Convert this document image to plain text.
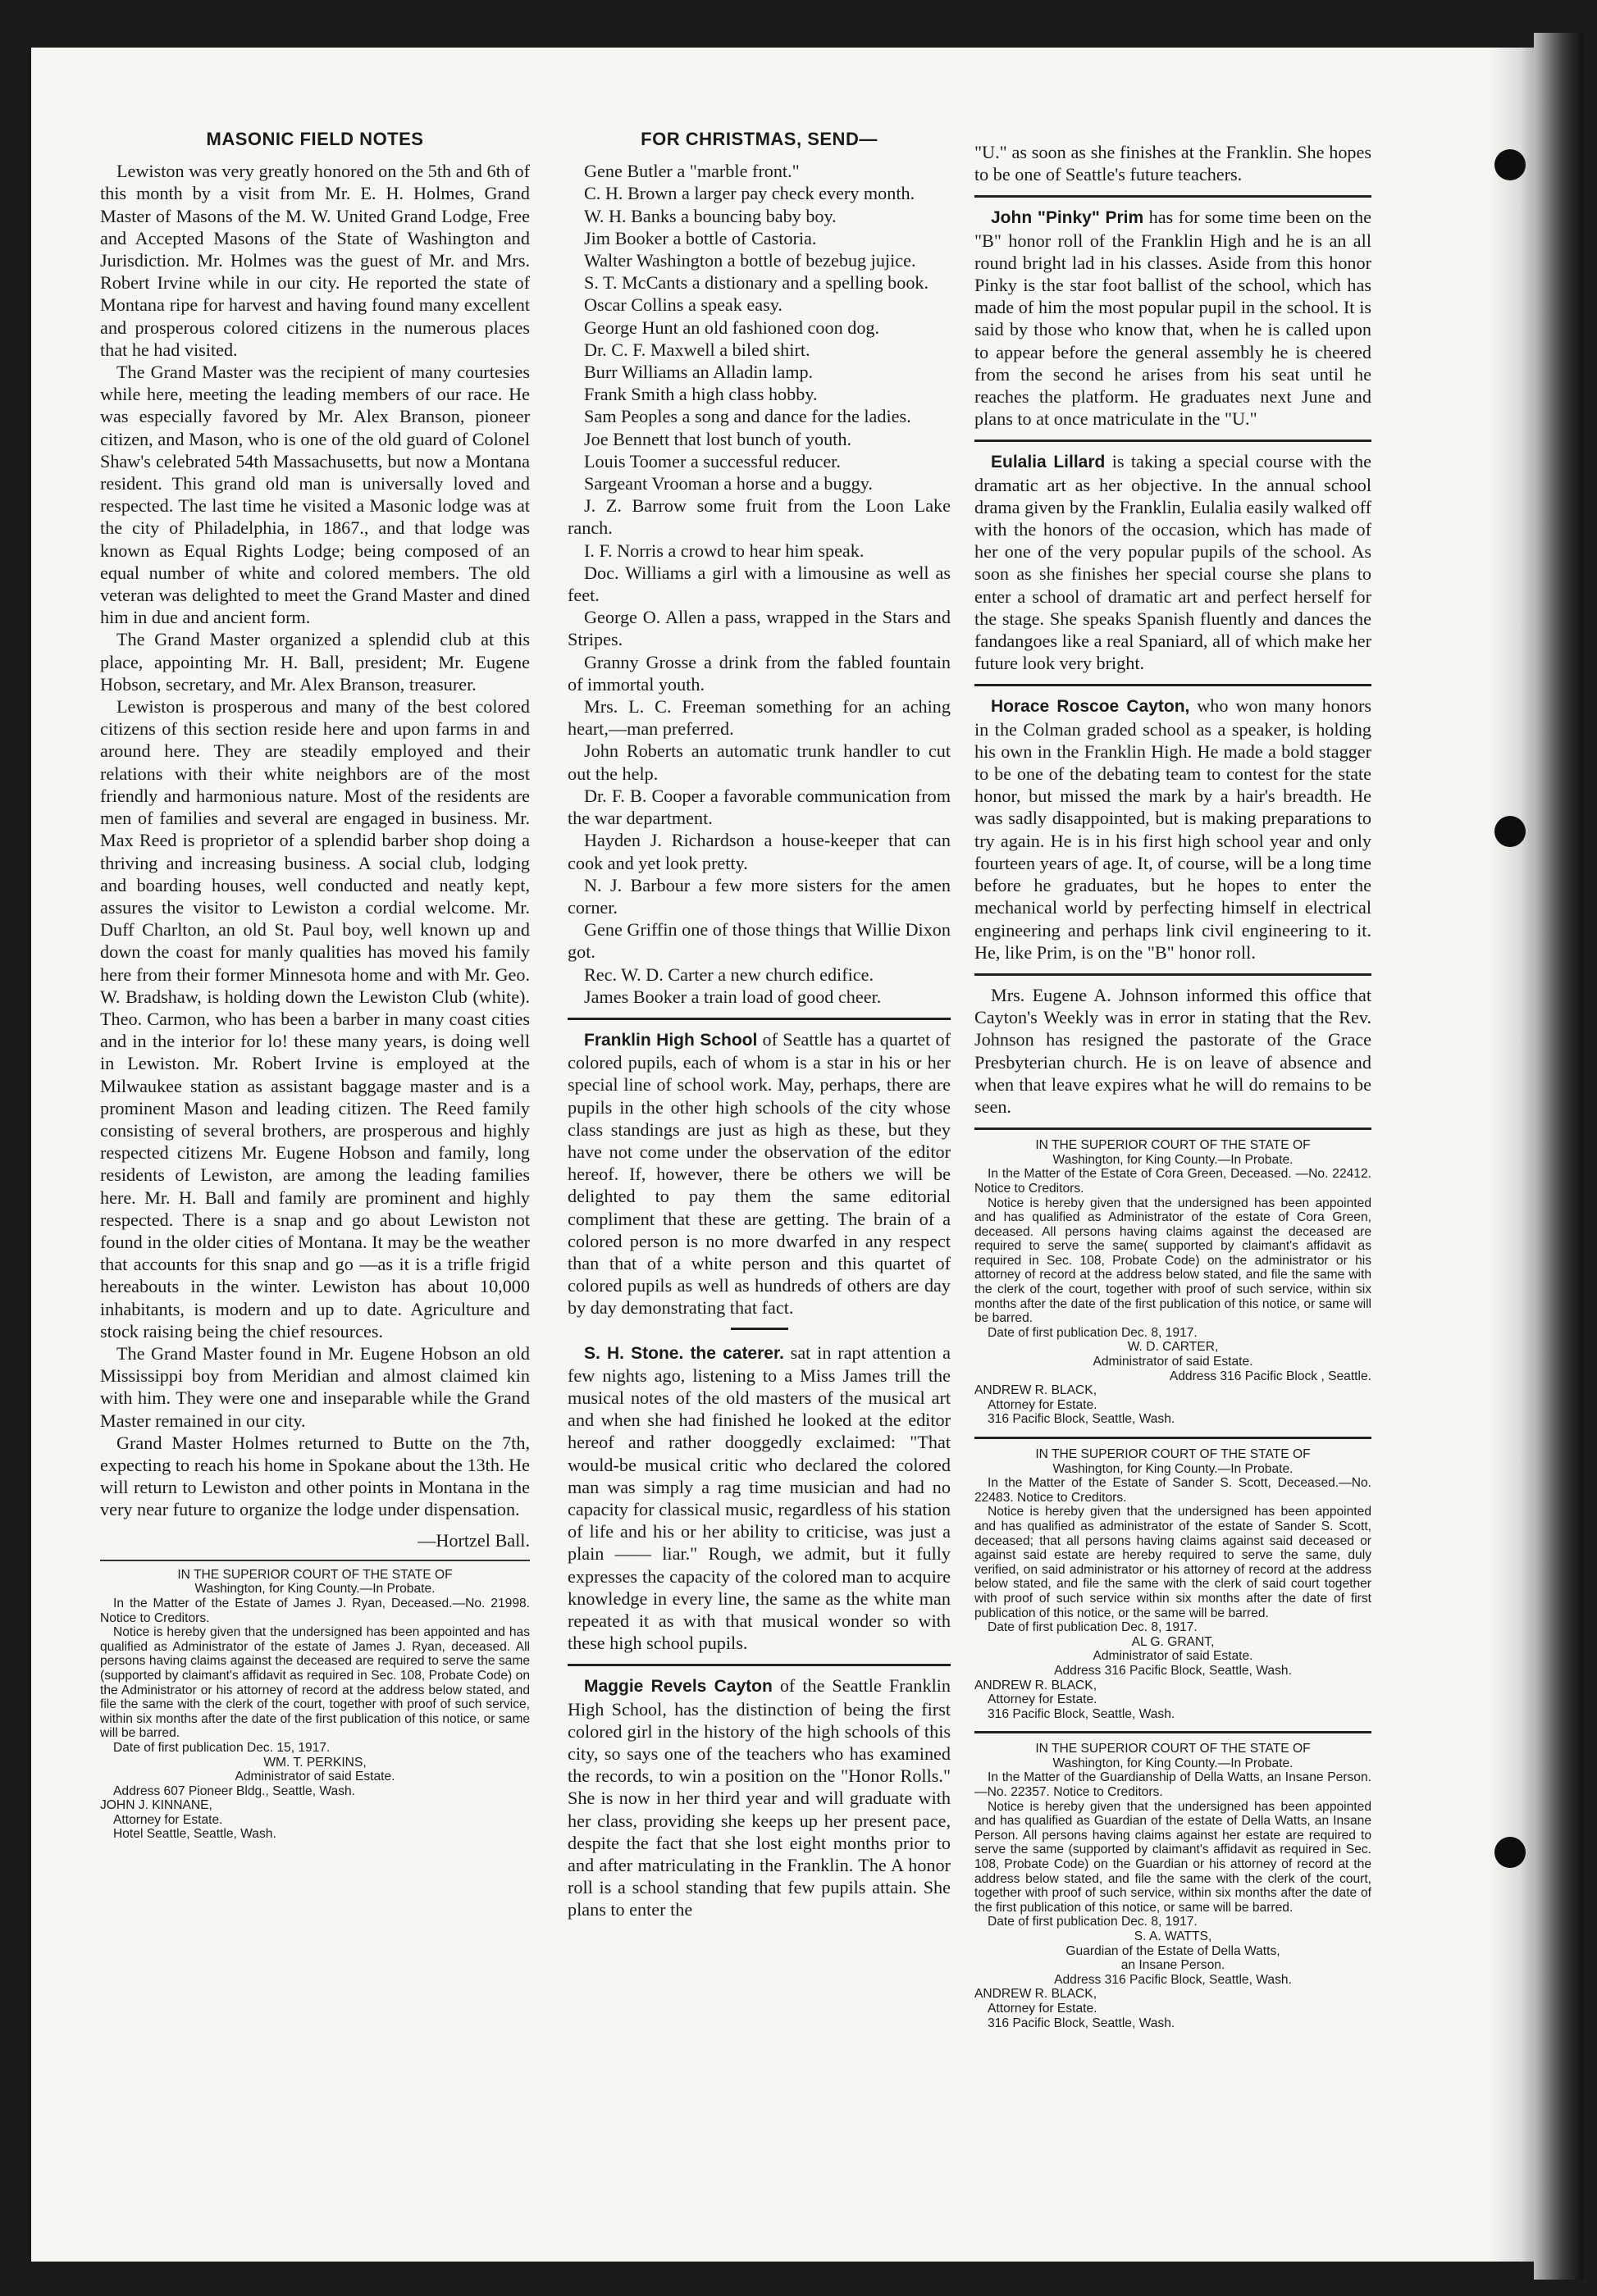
MASONIC FIELD NOTES

Lewiston was very greatly honored on the 5th and 6th of this month by a visit from Mr. E. H. Holmes, Grand Master of Masons of the M. W. United Grand Lodge, Free and Accepted Masons of the State of Washington and Jurisdiction. Mr. Holmes was the guest of Mr. and Mrs. Robert Irvine while in our city. He reported the state of Montana ripe for harvest and having found many excellent and prosperous colored citizens in the numerous places that he had visited.

The Grand Master was the recipient of many courtesies while here, meeting the leading members of our race. He was especially favored by Mr. Alex Branson, pioneer citizen, and Mason, who is one of the old guard of Colonel Shaw's celebrated 54th Massachusetts, but now a Montana resident. This grand old man is universally loved and respected. The last time he visited a Masonic lodge was at the city of Philadelphia, in 1867., and that lodge was known as Equal Rights Lodge; being composed of an equal number of white and colored members. The old veteran was delighted to meet the Grand Master and dined him in due and ancient form.

The Grand Master organized a splendid club at this place, appointing Mr. H. Ball, president; Mr. Eugene Hobson, secretary, and Mr. Alex Branson, treasurer.

Lewiston is prosperous and many of the best colored citizens of this section reside here and upon farms in and around here. They are steadily employed and their relations with their white neighbors are of the most friendly and harmonious nature. Most of the residents are men of families and several are engaged in business. Mr. Max Reed is proprietor of a splendid barber shop doing a thriving and increasing business. A social club, lodging and boarding houses, well conducted and neatly kept, assures the visitor to Lewiston a cordial welcome. Mr. Duff Charlton, an old St. Paul boy, well known up and down the coast for manly qualities has moved his family here from their former Minnesota home and with Mr. Geo. W. Bradshaw, is holding down the Lewiston Club (white). Theo. Carmon, who has been a barber in many coast cities and in the interior for lo! these many years, is doing well in Lewiston. Mr. Robert Irvine is employed at the Milwaukee station as assistant baggage master and is a prominent Mason and leading citizen. The Reed family consisting of several brothers, are prosperous and highly respected citizens Mr. Eugene Hobson and family, long residents of Lewiston, are among the leading families here. Mr. H. Ball and family are prominent and highly respected. There is a snap and go about Lewiston not found in the older cities of Montana. It may be the weather that accounts for this snap and go —as it is a trifle frigid hereabouts in the winter. Lewiston has about 10,000 inhabitants, is modern and up to date. Agriculture and stock raising being the chief resources.

The Grand Master found in Mr. Eugene Hobson an old Mississippi boy from Meridian and almost claimed kin with him. They were one and inseparable while the Grand Master remained in our city.

Grand Master Holmes returned to Butte on the 7th, expecting to reach his home in Spokane about the 13th. He will return to Lewiston and other points in Montana in the very near future to organize the lodge under dispensation.

—Hortzel Ball.

IN THE SUPERIOR COURT OF THE STATE OF

Washington, for King County.—In Probate.

In the Matter of the Estate of James J. Ryan, Deceased.—No. 21998. Notice to Creditors.

Notice is hereby given that the undersigned has been appointed and has qualified as Administrator of the estate of James J. Ryan, deceased. All persons having claims against the deceased are required to serve the same (supported by claimant's affidavit as required in Sec. 108, Probate Code) on the Administrator or his attorney of record at the address below stated, and file the same with the clerk of the court, together with proof of such service, within six months after the date of the first publication of this notice, or same will be barred.

Date of first publication Dec. 15, 1917.

WM. T. PERKINS,

Administrator of said Estate.

Address 607 Pioneer Bldg., Seattle, Wash.

JOHN J. KINNANE,

Attorney for Estate.

Hotel Seattle, Seattle, Wash.

FOR CHRISTMAS, SEND—

Gene Butler a "marble front."

C. H. Brown a larger pay check every month.

W. H. Banks a bouncing baby boy.

Jim Booker a bottle of Castoria.

Walter Washington a bottle of bezebug jujice.

S. T. McCants a distionary and a spelling book.

Oscar Collins a speak easy.

George Hunt an old fashioned coon dog.

Dr. C. F. Maxwell a biled shirt.

Burr Williams an Alladin lamp.

Frank Smith a high class hobby.

Sam Peoples a song and dance for the ladies.

Joe Bennett that lost bunch of youth.

Louis Toomer a successful reducer.

Sargeant Vrooman a horse and a buggy.

J. Z. Barrow some fruit from the Loon Lake ranch.

I. F. Norris a crowd to hear him speak.

Doc. Williams a girl with a limousine as well as feet.

George O. Allen a pass, wrapped in the Stars and Stripes.

Granny Grosse a drink from the fabled fountain of immortal youth.

Mrs. L. C. Freeman something for an aching heart,—man preferred.

John Roberts an automatic trunk handler to cut out the help.

Dr. F. B. Cooper a favorable communication from the war department.

Hayden J. Richardson a house-keeper that can cook and yet look pretty.

N. J. Barbour a few more sisters for the amen corner.

Gene Griffin one of those things that Willie Dixon got.

Rec. W. D. Carter a new church edifice.

James Booker a train load of good cheer.

Franklin High School of Seattle has a quartet of colored pupils, each of whom is a star in his or her special line of school work. May, perhaps, there are pupils in the other high schools of the city whose class standings are just as high as these, but they have not come under the observation of the editor hereof. If, however, there be others we will be delighted to pay them the same editorial compliment that these are getting. The brain of a colored person is no more dwarfed in any respect than that of a white person and this quartet of colored pupils as well as hundreds of others are day by day demonstrating that fact.

S. H. Stone. the caterer. sat in rapt attention a few nights ago, listening to a Miss James trill the musical notes of the old masters of the musical art and when she had finished he looked at the editor hereof and rather dooggedly exclaimed: "That would-be musical critic who declared the colored man was simply a rag time musician and had no capacity for classical music, regardless of his station of life and his or her ability to criticise, was just a plain —— liar." Rough, we admit, but it fully expresses the capacity of the colored man to acquire knowledge in every line, the same as the white man repeated it as with that musical wonder so with these high school pupils.

Maggie Revels Cayton of the Seattle Franklin High School, has the distinction of being the first colored girl in the history of the high schools of this city, so says one of the teachers who has examined the records, to win a position on the "Honor Rolls." She is now in her third year and will graduate with her class, providing she keeps up her present pace, despite the fact that she lost eight months prior to and after matriculating in the Franklin. The A honor roll is a school standing that few pupils attain. She plans to enter the

"U." as soon as she finishes at the Franklin. She hopes to be one of Seattle's future teachers.

John "Pinky" Prim has for some time been on the "B" honor roll of the Franklin High and he is an all round bright lad in his classes. Aside from this honor Pinky is the star foot ballist of the school, which has made of him the most popular pupil in the school. It is said by those who know that, when he is called upon to appear before the general assembly he is cheered from the second he arises from his seat until he reaches the platform. He graduates next June and plans to at once matriculate in the "U."

Eulalia Lillard is taking a special course with the dramatic art as her objective. In the annual school drama given by the Franklin, Eulalia easily walked off with the honors of the occasion, which has made of her one of the very popular pupils of the school. As soon as she finishes her special course she plans to enter a school of dramatic art and perfect herself for the stage. She speaks Spanish fluently and dances the fandangoes like a real Spaniard, all of which make her future look very bright.

Horace Roscoe Cayton, who won many honors in the Colman graded school as a speaker, is holding his own in the Franklin High. He made a bold stagger to be one of the debating team to contest for the state honor, but missed the mark by a hair's breadth. He was sadly disappointed, but is making preparations to try again. He is in his first high school year and only fourteen years of age. It, of course, will be a long time before he graduates, but he hopes to enter the mechanical world by perfecting himself in electrical engineering and perhaps link civil engineering to it. He, like Prim, is on the "B" honor roll.

Mrs. Eugene A. Johnson informed this office that Cayton's Weekly was in error in stating that the Rev. Johnson has resigned the pastorate of the Grace Presbyterian church. He is on leave of absence and when that leave expires what he will do remains to be seen.

IN THE SUPERIOR COURT OF THE STATE OF

Washington, for King County.—In Probate.

In the Matter of the Estate of Cora Green, Deceased. —No. 22412. Notice to Creditors.

Notice is hereby given that the undersigned has been appointed and has qualified as Administrator of the estate of Cora Green, deceased. All persons having claims against the deceased are required to serve the same( supported by claimant's affidavit as required in Sec. 108, Probate Code) on the administrator or his attorney of record at the address below stated, and file the same with the clerk of the court, together with proof of such service, within six months after the date of the first publication of this notice, or same will be barred.

Date of first publication Dec. 8, 1917.

W. D. CARTER,

Administrator of said Estate.

Address 316 Pacific Block , Seattle.

ANDREW R. BLACK,

Attorney for Estate.

316 Pacific Block, Seattle, Wash.

IN THE SUPERIOR COURT OF THE STATE OF

Washington, for King County.—In Probate.

In the Matter of the Estate of Sander S. Scott, Deceased.—No. 22483. Notice to Creditors.

Notice is hereby given that the undersigned has been appointed and has qualified as administrator of the estate of Sander S. Scott, deceased; that all persons having claims against said deceased or against said estate are hereby required to serve the same, duly verified, on said administrator or his attorney of record at the address below stated, and file the same with the clerk of said court together with proof of such service within six months after the date of first publication of this notice, or the same will be barred.

Date of first publication Dec. 8, 1917.

AL G. GRANT,

Administrator of said Estate.

Address 316 Pacific Block, Seattle, Wash.

ANDREW R. BLACK,

Attorney for Estate.

316 Pacific Block, Seattle, Wash.

IN THE SUPERIOR COURT OF THE STATE OF

Washington, for King County.—In Probate.

In the Matter of the Guardianship of Della Watts, an Insane Person.—No. 22357. Notice to Creditors.

Notice is hereby given that the undersigned has been appointed and has qualified as Guardian of the estate of Della Watts, an Insane Person. All persons having claims against her estate are required to serve the same (supported by claimant's affidavit as required in Sec. 108, Probate Code) on the Guardian or his attorney of record at the address below stated, and file the same with the clerk of the court, together with proof of such service, within six months after the date of the first publication of this notice, or same will be barred.

Date of first publication Dec. 8, 1917.

S. A. WATTS,

Guardian of the Estate of Della Watts,

an Insane Person.

Address 316 Pacific Block, Seattle, Wash.

ANDREW R. BLACK,

Attorney for Estate.

316 Pacific Block, Seattle, Wash.
